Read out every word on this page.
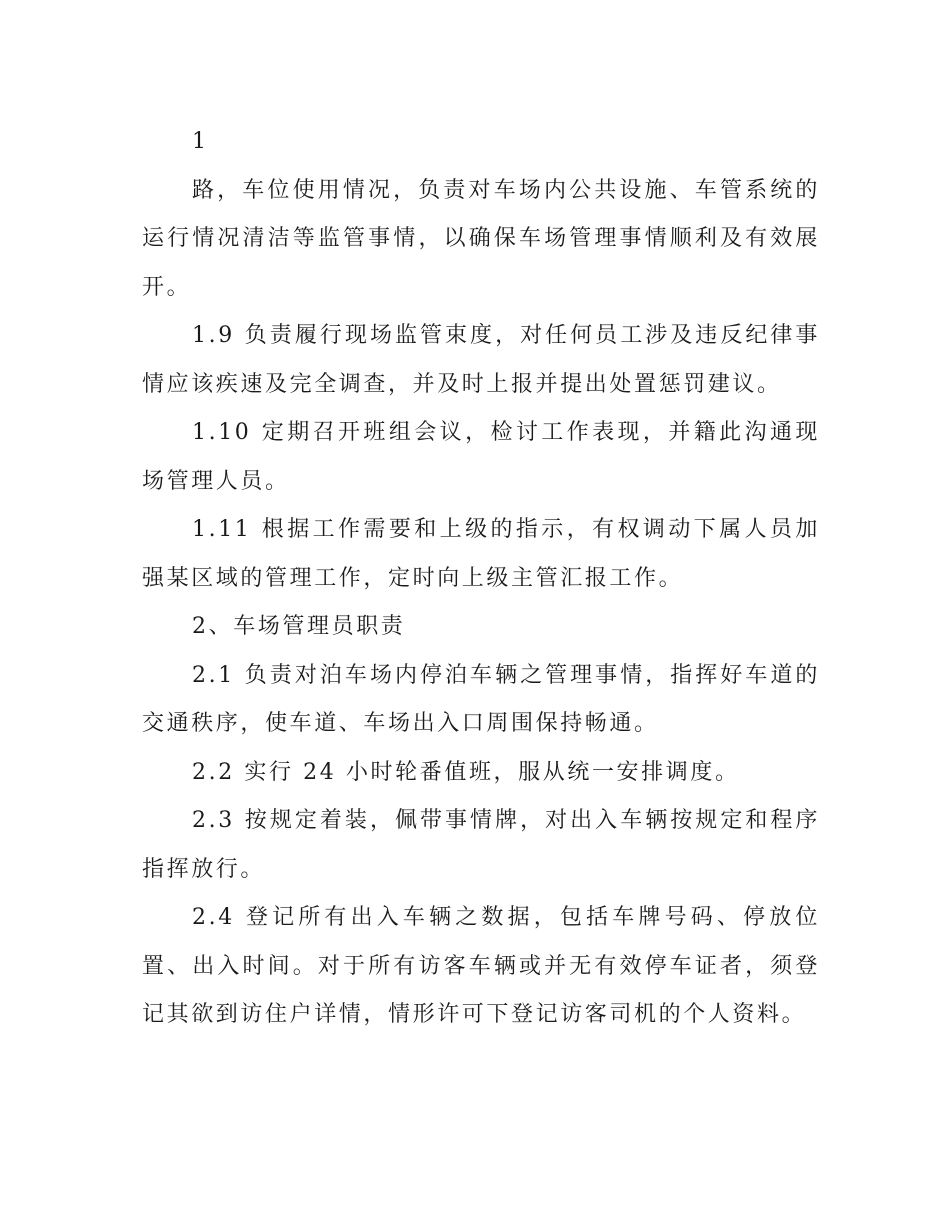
1

路，车位使用情况，负责对车场内公共设施、车管系统的运行情况清洁等监管事情，以确保车场管理事情顺利及有效展开。

1.9 负责履行现场监管束度，对任何员工涉及违反纪律事情应该疾速及完全调查，并及时上报并提出处置惩罚建议。

1.10 定期召开班组会议，检讨工作表现，并籍此沟通现场管理人员。

1.11 根据工作需要和上级的指示，有权调动下属人员加强某区域的管理工作，定时向上级主管汇报工作。

2、车场管理员职责

2.1 负责对泊车场内停泊车辆之管理事情，指挥好车道的交通秩序，使车道、车场出入口周围保持畅通。

2.2 实行 24 小时轮番值班，服从统一安排调度。

2.3 按规定着装，佩带事情牌，对出入车辆按规定和程序指挥放行。

2.4 登记所有出入车辆之数据，包括车牌号码、停放位置、出入时间。对于所有访客车辆或并无有效停车证者，须登记其欲到访住户详情，情形许可下登记访客司机的个人资料。
